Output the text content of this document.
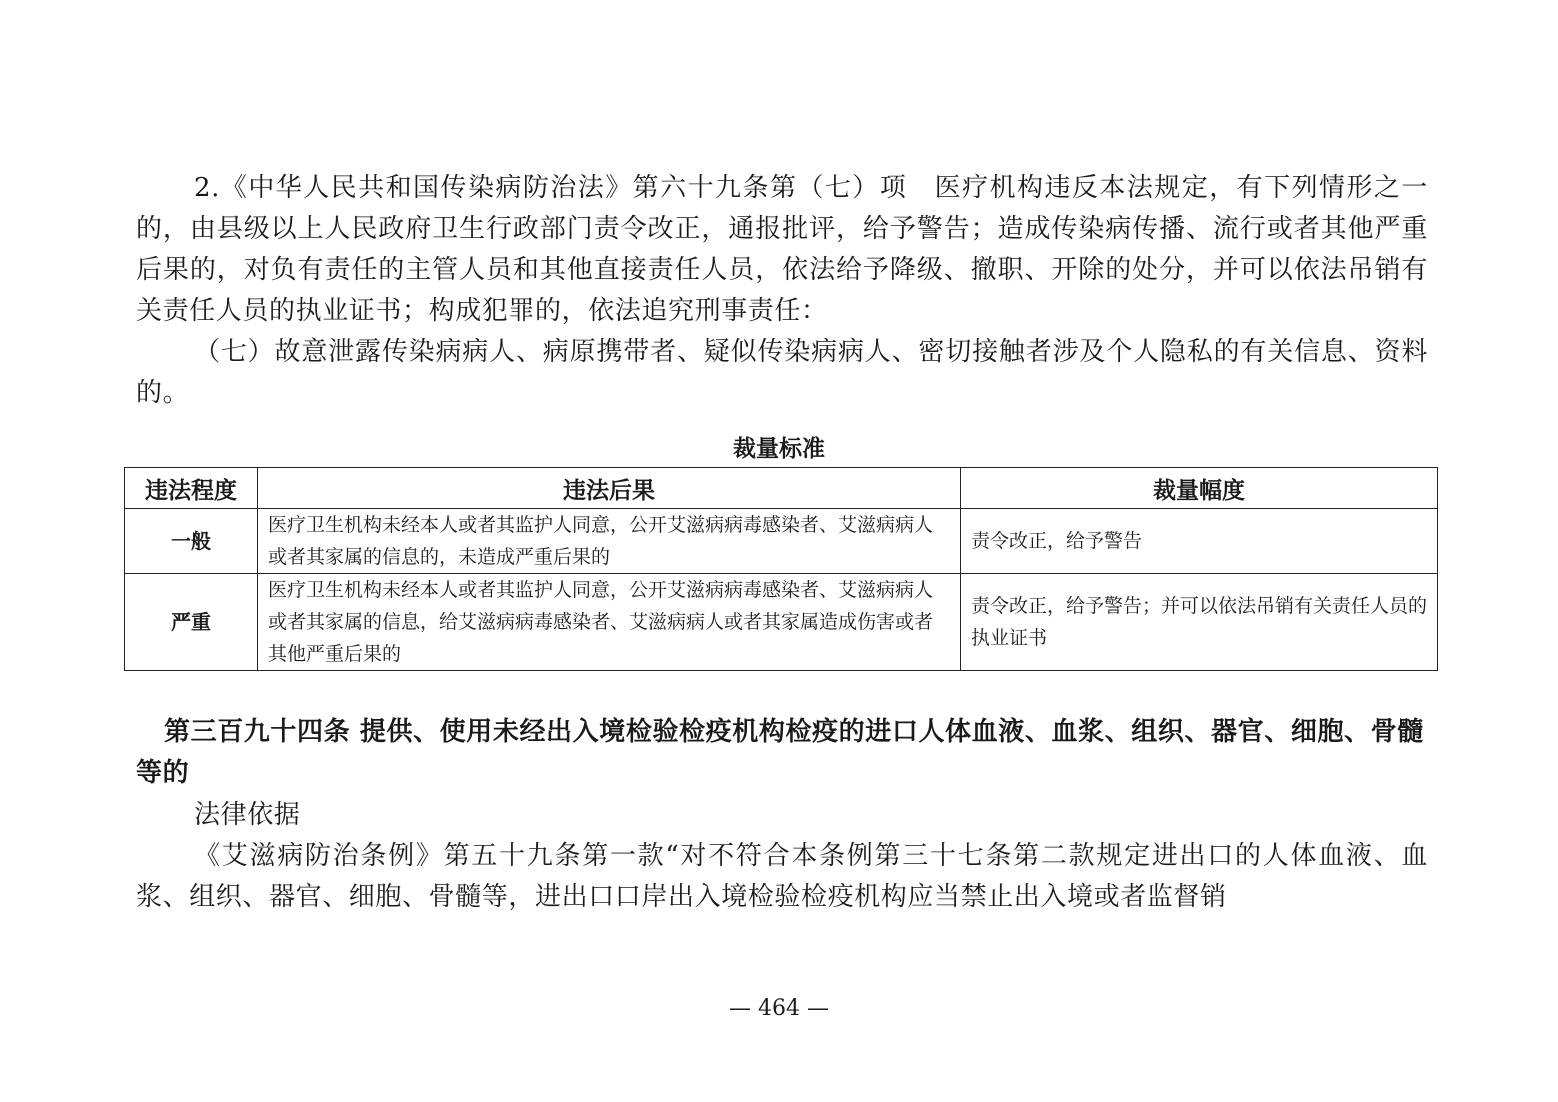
2.《中华人民共和国传染病防治法》第六十九条第（七）项　医疗机构违反本法规定，有下列情形之一的，由县级以上人民政府卫生行政部门责令改正，通报批评，给予警告；造成传染病传播、流行或者其他严重后果的，对负有责任的主管人员和其他直接责任人员，依法给予降级、撤职、开除的处分，并可以依法吊销有关责任人员的执业证书；构成犯罪的，依法追究刑事责任：

（七）故意泄露传染病病人、病原携带者、疑似传染病病人、密切接触者涉及个人隐私的有关信息、资料的。

裁量标准
违法程度	违法后果	裁量幅度
一般	医疗卫生机构未经本人或者其监护人同意，公开艾滋病病毒感染者、艾滋病病人或者其家属的信息的，未造成严重后果的	责令改正，给予警告
严重	医疗卫生机构未经本人或者其监护人同意，公开艾滋病病毒感染者、艾滋病病人或者其家属的信息，给艾滋病病毒感染者、艾滋病病人或者其家属造成伤害或者其他严重后果的	责令改正，给予警告；并可以依法吊销有关责任人员的执业证书

第三百九十四条 提供、使用未经出入境检验检疫机构检疫的进口人体血液、血浆、组织、器官、细胞、骨髓等的

法律依据

《艾滋病防治条例》第五十九条第一款“对不符合本条例第三十七条第二款规定进出口的人体血液、血浆、组织、器官、细胞、骨髓等，进出口口岸出入境检验检疫机构应当禁止出入境或者监督销

— 464 —
